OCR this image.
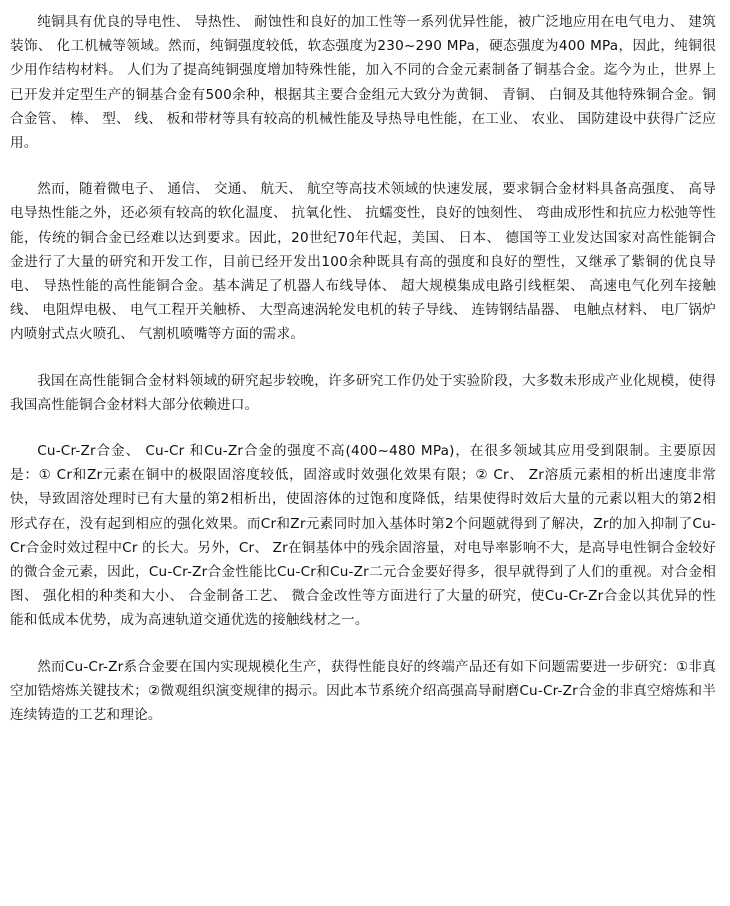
纯铜具有优良的导电性、 导热性、 耐蚀性和良好的加工性等一系列优异性能，被广泛地应用在电气电力、 建筑装饰、 化工机械等领域。然而，纯铜强度较低，软态强度为230~290 MPa，硬态强度为400 MPa，因此，纯铜很少用作结构材料。 人们为了提高纯铜强度增加特殊性能，加入不同的合金元素制备了铜基合金。迄今为止，世界上已开发并定型生产的铜基合金有500余种，根据其主要合金组元大致分为黄铜、 青铜、 白铜及其他特殊铜合金。铜合金管、 棒、 型、 线、 板和带材等具有较高的机械性能及导热导电性能，在工业、 农业、 国防建设中获得广泛应用。

然而，随着微电子、 通信、 交通、 航天、 航空等高技术领域的快速发展，要求铜合金材料具备高强度、 高导电导热性能之外，还必须有较高的软化温度、 抗氧化性、 抗蠕变性，良好的蚀刻性、 弯曲成形性和抗应力松弛等性能，传统的铜合金已经难以达到要求。因此，20世纪70年代起，美国、 日本、 德国等工业发达国家对高性能铜合金进行了大量的研究和开发工作，目前已经开发出100余种既具有高的强度和良好的塑性，又继承了紫铜的优良导电、 导热性能的高性能铜合金。基本满足了机器人布线导体、 超大规模集成电路引线框架、 高速电气化列车接触线、 电阻焊电极、 电气工程开关触桥、 大型高速涡轮发电机的转子导线、 连铸钢结晶器、 电触点材料、 电厂锅炉内喷射式点火喷孔、 气割机喷嘴等方面的需求。

我国在高性能铜合金材料领域的研究起步较晚，许多研究工作仍处于实验阶段，大多数未形成产业化规模，使得我国高性能铜合金材料大部分依赖进口。

Cu-Cr-Zr合金、 Cu-Cr 和Cu-Zr合金的强度不高(400~480 MPa)，在很多领域其应用受到限制。主要原因是：① Cr和Zr元素在铜中的极限固溶度较低，固溶或时效强化效果有限；② Cr、 Zr溶质元素相的析出速度非常快，导致固溶处理时已有大量的第2相析出，使固溶体的过饱和度降低，结果使得时效后大量的元素以粗大的第2相形式存在，没有起到相应的强化效果。而Cr和Zr元素同时加入基体时第2个问题就得到了解决，Zr的加入抑制了Cu-Cr合金时效过程中Cr 的长大。另外，Cr、 Zr在铜基体中的残余固溶量，对电导率影响不大，是高导电性铜合金较好的微合金元素，因此，Cu-Cr-Zr合金性能比Cu-Cr和Cu-Zr二元合金要好得多，很早就得到了人们的重视。对合金相图、 强化相的种类和大小、 合金制备工艺、 微合金改性等方面进行了大量的研究，使Cu-Cr-Zr合金以其优异的性能和低成本优势，成为高速轨道交通优选的接触线材之一。

然而Cu-Cr-Zr系合金要在国内实现规模化生产，获得性能良好的终端产品还有如下问题需要进一步研究：①非真空加锆熔炼关键技术；②微观组织演变规律的揭示。因此本节系统介绍高强高导耐磨Cu-Cr-Zr合金的非真空熔炼和半连续铸造的工艺和理论。
